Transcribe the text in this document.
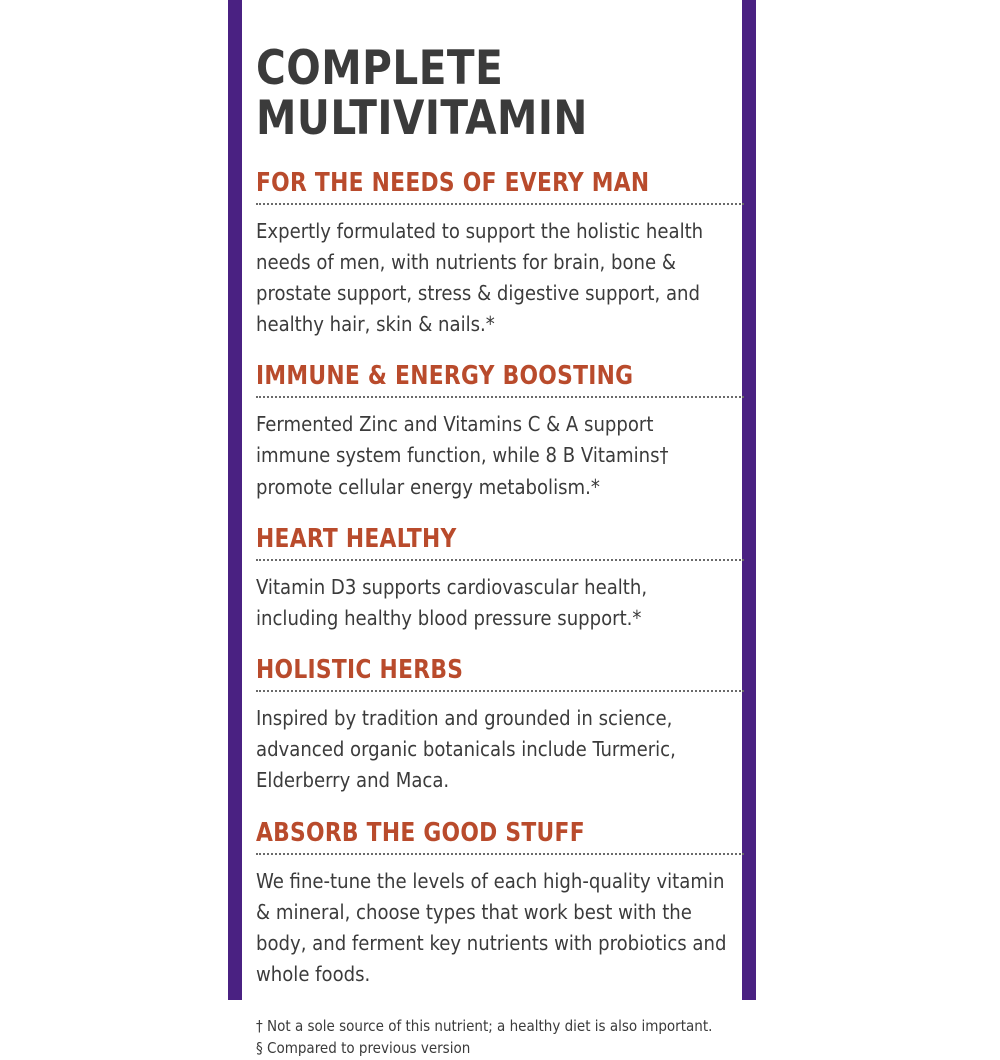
COMPLETE
MULTIVITAMIN
FOR THE NEEDS OF EVERY MAN

Expertly formulated to support the holistic health needs of men, with nutrients for brain, bone & prostate support, stress & digestive support, and healthy hair, skin & nails.*

IMMUNE & ENERGY BOOSTING

Fermented Zinc and Vitamins C & A support immune system function, while 8 B Vitamins† promote cellular energy metabolism.*

HEART HEALTHY

Vitamin D3 supports cardiovascular health, including healthy blood pressure support.*

HOLISTIC HERBS

Inspired by tradition and grounded in science, advanced organic botanicals include Turmeric, Elderberry and Maca.

ABSORB THE GOOD STUFF

We fine-tune the levels of each high-quality vitamin & mineral, choose types that work best with the body, and ferment key nutrients with probiotics and whole foods.

† Not a sole source of this nutrient; a healthy diet is also important.

§ Compared to previous version
